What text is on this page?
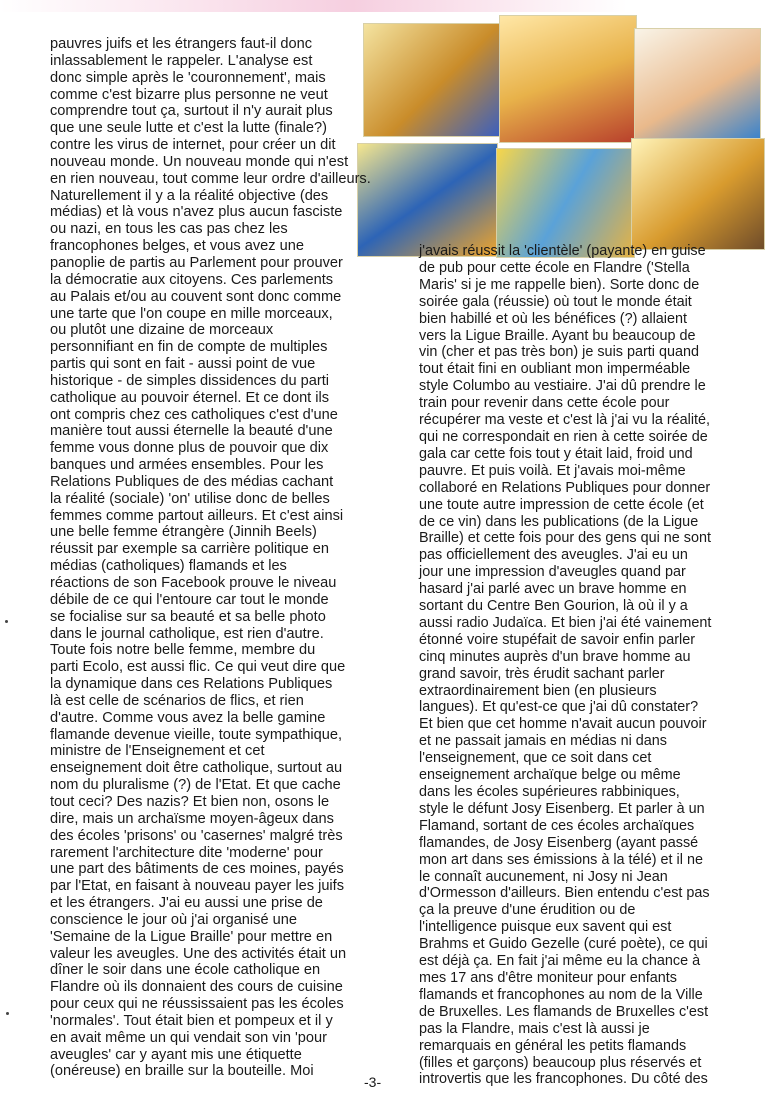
pauvres juifs et les étrangers faut-il donc

inlassablement le rappeler. L'analyse est

donc simple après le 'couronnement', mais

comme c'est bizarre plus personne ne veut

comprendre tout ça, surtout il n'y aurait plus

que une seule lutte et c'est la lutte (finale?)

contre les virus de internet, pour créer un dit

nouveau monde. Un nouveau monde qui n'est

en rien nouveau, tout comme leur ordre d'ailleurs.

Naturellement il y a la réalité objective (des

médias) et là vous n'avez plus aucun fasciste

ou nazi, en tous les cas pas chez les

francophones belges, et vous avez une

panoplie de partis au Parlement pour prouver

la démocratie aux citoyens. Ces parlements

au Palais et/ou au couvent sont donc comme

une tarte que l'on coupe en mille morceaux,

ou plutôt une dizaine de morceaux

personnifiant en fin de compte de multiples

partis qui sont en fait - aussi point de vue

historique - de simples dissidences du parti

catholique au pouvoir éternel. Et ce dont ils

ont compris chez ces catholiques c'est d'une

manière tout aussi éternelle la beauté d'une

femme vous donne plus de pouvoir que dix

banques und armées ensembles. Pour les

Relations Publiques de des médias cachant

la réalité (sociale) 'on' utilise donc de belles

femmes comme partout ailleurs. Et c'est ainsi

une belle femme étrangère (Jinnih Beels)

réussit par exemple sa carrière politique en

médias (catholiques) flamands et les

réactions de son Facebook prouve le niveau

débile de ce qui l'entoure car tout le monde

se focialise sur sa beauté et sa belle photo

dans le journal catholique, est rien d'autre.

Toute fois notre belle femme, membre du

parti Ecolo, est aussi flic. Ce qui veut dire que

la dynamique dans ces Relations Publiques

là est celle de scénarios de flics, et rien

d'autre. Comme vous avez la belle gamine

flamande devenue vieille, toute sympathique,

ministre de l'Enseignement et cet

enseignement doit être catholique, surtout au

nom du pluralisme (?) de l'Etat. Et que cache

tout ceci? Des nazis? Et bien non, osons le

dire, mais un archaïsme moyen-âgeux dans

des écoles 'prisons' ou 'casernes' malgré très

rarement l'architecture dite 'moderne' pour

une part des bâtiments de ces moines, payés

par l'Etat, en faisant à nouveau payer les juifs

et les étrangers. J'ai eu aussi une prise de

conscience le jour où j'ai organisé une

'Semaine de la Ligue Braille' pour mettre en

valeur les aveugles. Une des activités était un

dîner le soir dans une école catholique en

Flandre où ils donnaient des cours de cuisine

pour ceux qui ne réussissaient pas les écoles

'normales'. Tout était bien et pompeux et il y

en avait même un qui vendait son vin 'pour

aveugles' car y ayant mis une étiquette

(onéreuse) en braille sur la bouteille. Moi

j'avais réussit la 'clientèle' (payante) en guise

de pub pour cette école en Flandre ('Stella

Maris' si je me rappelle bien). Sorte donc de

soirée gala (réussie) où tout le monde était

bien habillé et où les bénéfices (?) allaient

vers la Ligue Braille. Ayant bu beaucoup de

vin (cher et pas très bon) je suis parti quand

tout était fini en oubliant mon imperméable

style Columbo au vestiaire. J'ai dû prendre le

train pour revenir dans cette école pour

récupérer ma veste et c'est là j'ai vu la réalité,

qui ne correspondait en rien à cette soirée de

gala car cette fois tout y était laid, froid und

pauvre. Et puis voilà. Et j'avais moi-même

collaboré en Relations Publiques pour donner

une toute autre impression de cette école (et

de ce vin) dans les publications (de la Ligue

Braille) et cette fois pour des gens qui ne sont

pas officiellement des aveugles. J'ai eu un

jour une impression d'aveugles quand par

hasard j'ai parlé avec un brave homme en

sortant du Centre Ben Gourion, là où il y a

aussi radio Judaïca. Et bien j'ai été vainement

étonné voire stupéfait de savoir enfin parler

cinq minutes auprès d'un brave homme au

grand savoir, très érudit sachant parler

extraordinairement bien (en plusieurs

langues). Et qu'est-ce que j'ai dû constater?

Et bien que cet homme n'avait aucun pouvoir

et ne passait jamais en médias ni dans

l'enseignement, que ce soit dans cet

enseignement archaïque belge ou même

dans les écoles supérieures rabbiniques,

style le défunt Josy Eisenberg. Et parler à un

Flamand, sortant de ces écoles archaïques

flamandes, de Josy Eisenberg (ayant passé

mon art dans ses émissions à la télé) et il ne

le connaît aucunement, ni Josy ni Jean

d'Ormesson d'ailleurs. Bien entendu c'est pas

ça la preuve d'une érudition ou de

l'intelligence puisque eux savent qui est

Brahms et Guido Gezelle (curé poète), ce qui

est déjà ça. En fait j'ai même eu la chance à

mes 17 ans d'être moniteur pour enfants

flamands et francophones au nom de la Ville

de Bruxelles. Les flamands de Bruxelles c'est

pas la Flandre, mais c'est là aussi je

remarquais en général les petits flamands

(filles et garçons) beaucoup plus réservés et

introvertis que les francophones. Du côté des

-3-
